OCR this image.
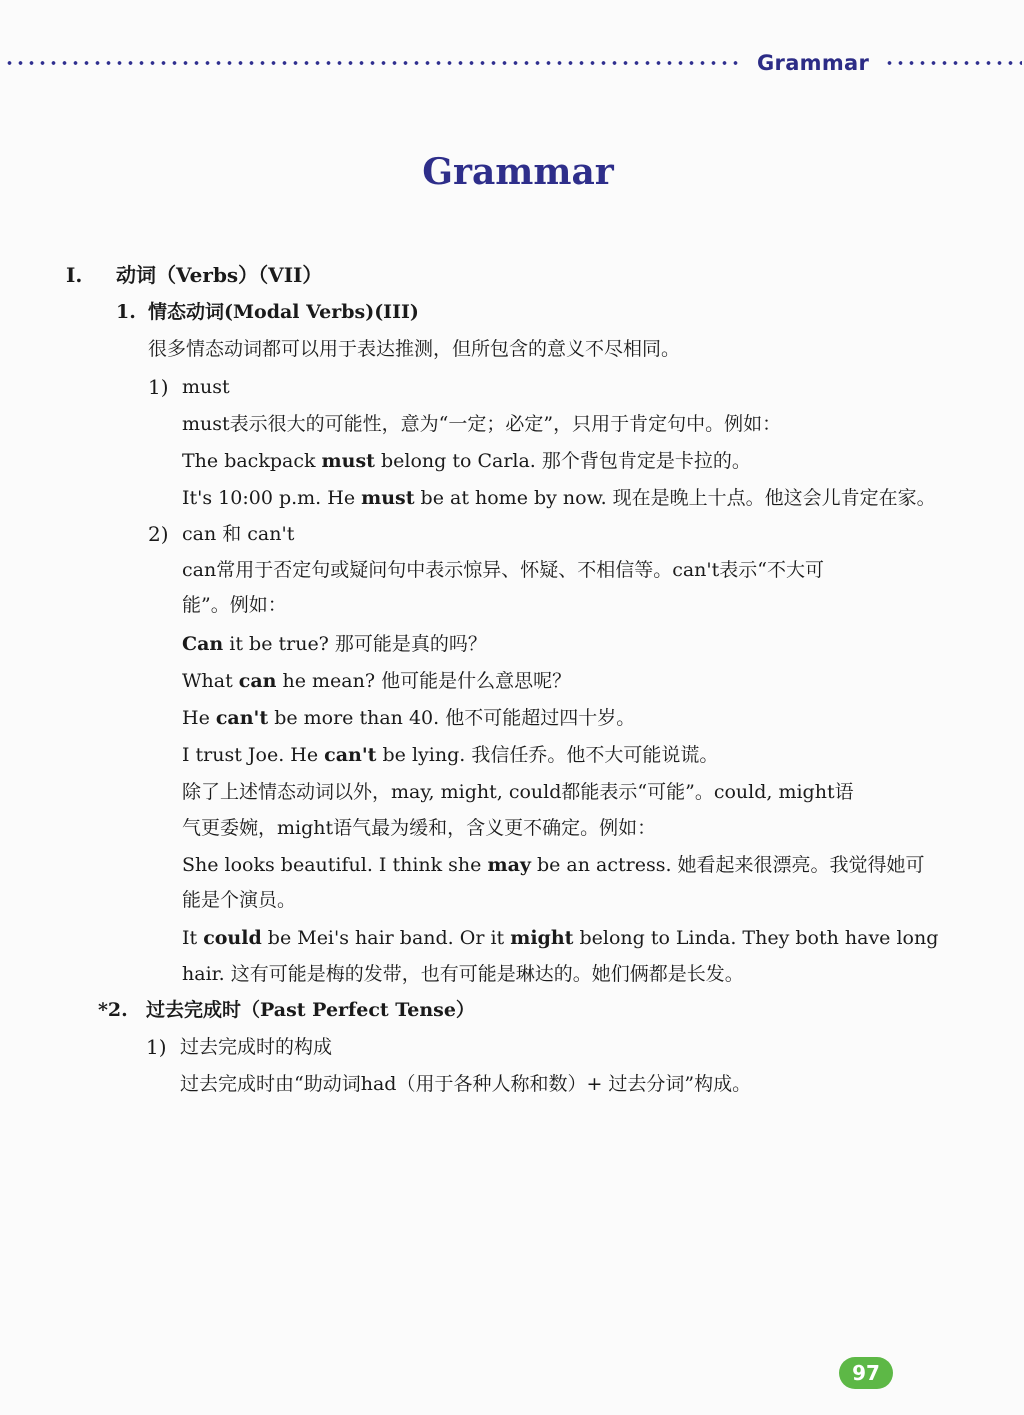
Grammar
Grammar
I. 动词（Verbs）（VII）
1. 情态动词(Modal Verbs)(III)
很多情态动词都可以用于表达推测，但所包含的意义不尽相同。
1) must
must表示很大的可能性，意为“一定；必定”，只用于肯定句中。例如：
The backpack must belong to Carla. 那个背包肯定是卡拉的。
It's 10:00 p.m. He must be at home by now. 现在是晚上十点。他这会儿肯定在家。
2) can 和 can't
can常用于否定句或疑问句中表示惊异、怀疑、不相信等。can't表示“不大可
能”。例如：
Can it be true? 那可能是真的吗？
What can he mean? 他可能是什么意思呢？
He can't be more than 40. 他不可能超过四十岁。
I trust Joe. He can't be lying. 我信任乔。他不大可能说谎。
除了上述情态动词以外，may, might, could都能表示“可能”。could, might语
气更委婉，might语气最为缓和，含义更不确定。例如：
She looks beautiful. I think she may be an actress. 她看起来很漂亮。我觉得她可
能是个演员。
It could be Mei's hair band. Or it might belong to Linda. They both have long
hair. 这有可能是梅的发带，也有可能是琳达的。她们俩都是长发。
*2. 过去完成时（Past Perfect Tense）
1) 过去完成时的构成
过去完成时由“助动词had（用于各种人称和数）+ 过去分词”构成。
97
